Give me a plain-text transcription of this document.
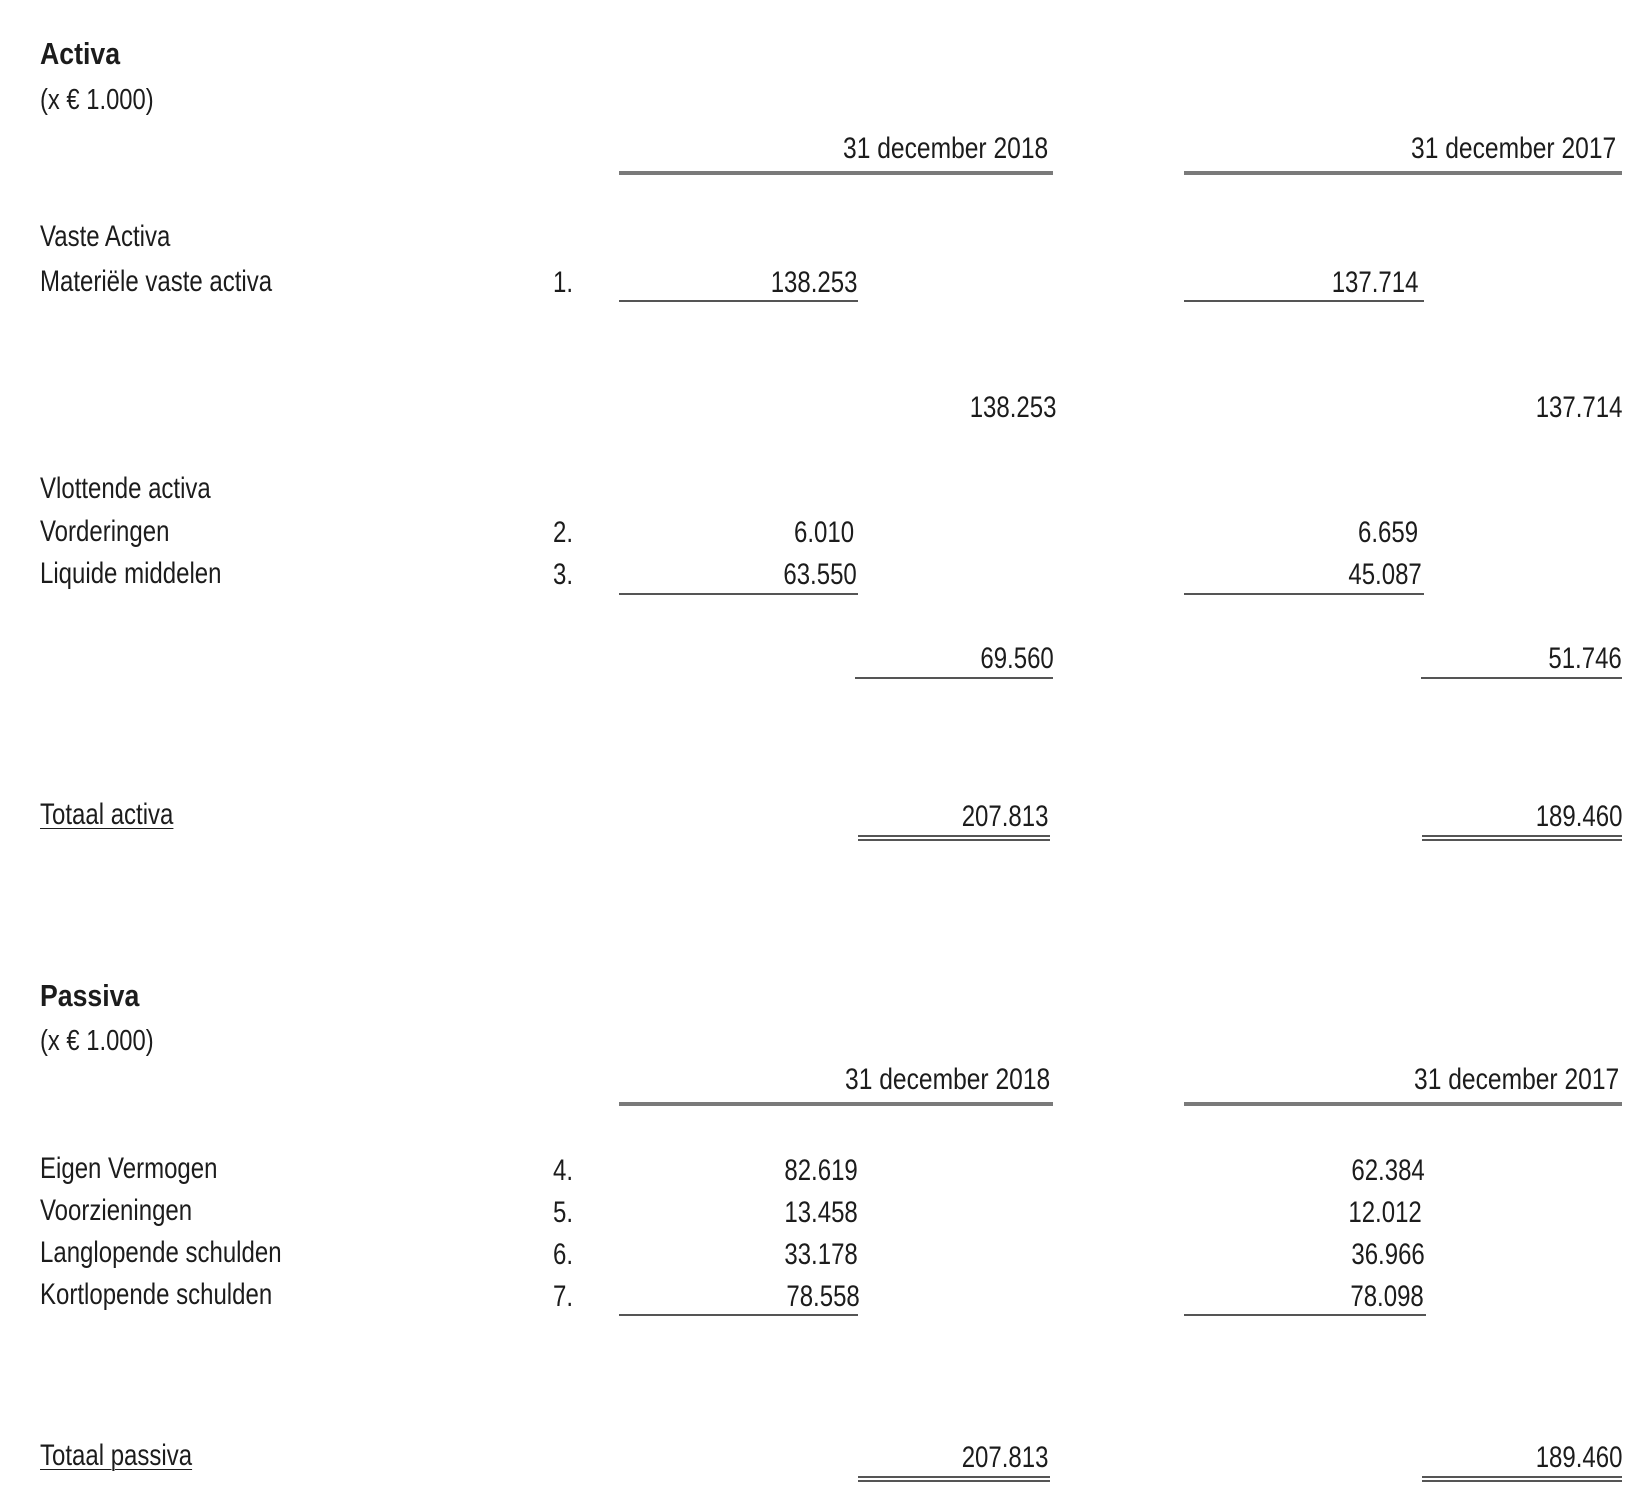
Activa
(x € 1.000)
31 december 2018	31 december 2017
Vaste Activa
Materiële vaste activa	1.	138.253	137.714
138.253	137.714
Vlottende activa
Vorderingen	2.	6.010	6.659
Liquide middelen	3.	63.550	45.087
69.560	51.746
Totaal activa	207.813	189.460
Passiva
(x € 1.000)
31 december 2018	31 december 2017
Eigen Vermogen	4.	82.619	62.384
Voorzieningen	5.	13.458	12.012
Langlopende schulden	6.	33.178	36.966
Kortlopende schulden	7.	78.558	78.098
Totaal passiva	207.813	189.460
